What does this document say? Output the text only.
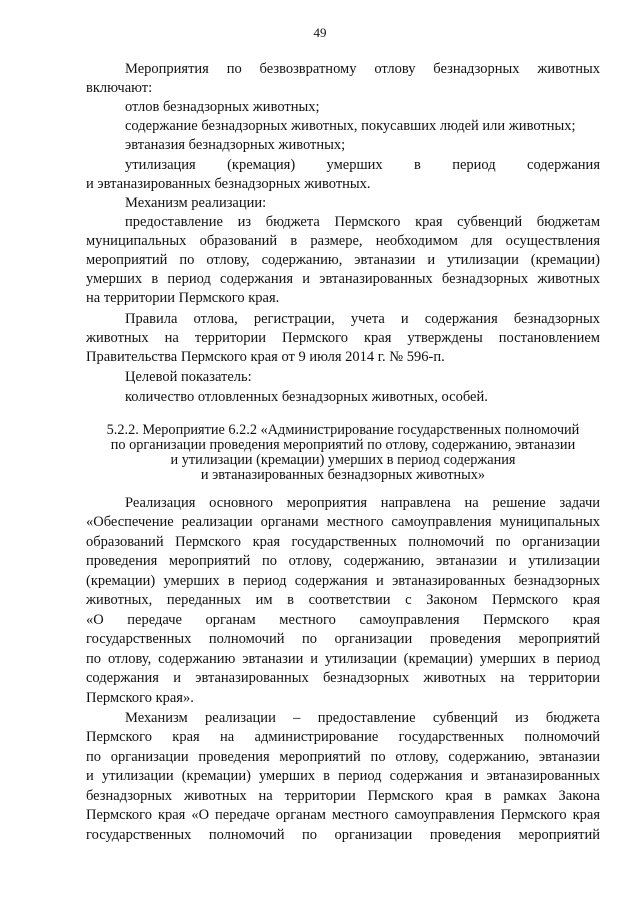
49
Мероприятия по безвозвратному отлову безнадзорных животных
включают:
отлов безнадзорных животных;
содержание безнадзорных животных, покусавших людей или животных;
эвтаназия безнадзорных животных;
утилизация (кремация) умерших в период содержания
и эвтаназированных безнадзорных животных.
Механизм реализации:
предоставление из бюджета Пермского края субвенций бюджетам
муниципальных образований в размере, необходимом для осуществления
мероприятий по отлову, содержанию, эвтаназии и утилизации (кремации)
умерших в период содержания и эвтаназированных безнадзорных животных
на территории Пермского края.
Правила отлова, регистрации, учета и содержания безнадзорных
животных на территории Пермского края утверждены постановлением
Правительства Пермского края от 9 июля 2014 г. № 596-п.
Целевой показатель:
количество отловленных безнадзорных животных, особей.
5.2.2. Мероприятие 6.2.2 «Администрирование государственных полномочий
по организации проведения мероприятий по отлову, содержанию, эвтаназии
и утилизации (кремации) умерших в период содержания
и эвтаназированных безнадзорных животных»
Реализация основного мероприятия направлена на решение задачи
«Обеспечение реализации органами местного самоуправления муниципальных
образований Пермского края государственных полномочий по организации
проведения мероприятий по отлову, содержанию, эвтаназии и утилизации
(кремации) умерших в период содержания и эвтаназированных безнадзорных
животных, переданных им в соответствии с Законом Пермского края
«О передаче органам местного самоуправления Пермского края
государственных полномочий по организации проведения мероприятий
по отлову, содержанию эвтаназии и утилизации (кремации) умерших в период
содержания и эвтаназированных безнадзорных животных на территории
Пермского края».
Механизм реализации – предоставление субвенций из бюджета
Пермского края на администрирование государственных полномочий
по организации проведения мероприятий по отлову, содержанию, эвтаназии
и утилизации (кремации) умерших в период содержания и эвтаназированных
безнадзорных животных на территории Пермского края в рамках Закона
Пермского края «О передаче органам местного самоуправления Пермского края
государственных полномочий по организации проведения мероприятий
